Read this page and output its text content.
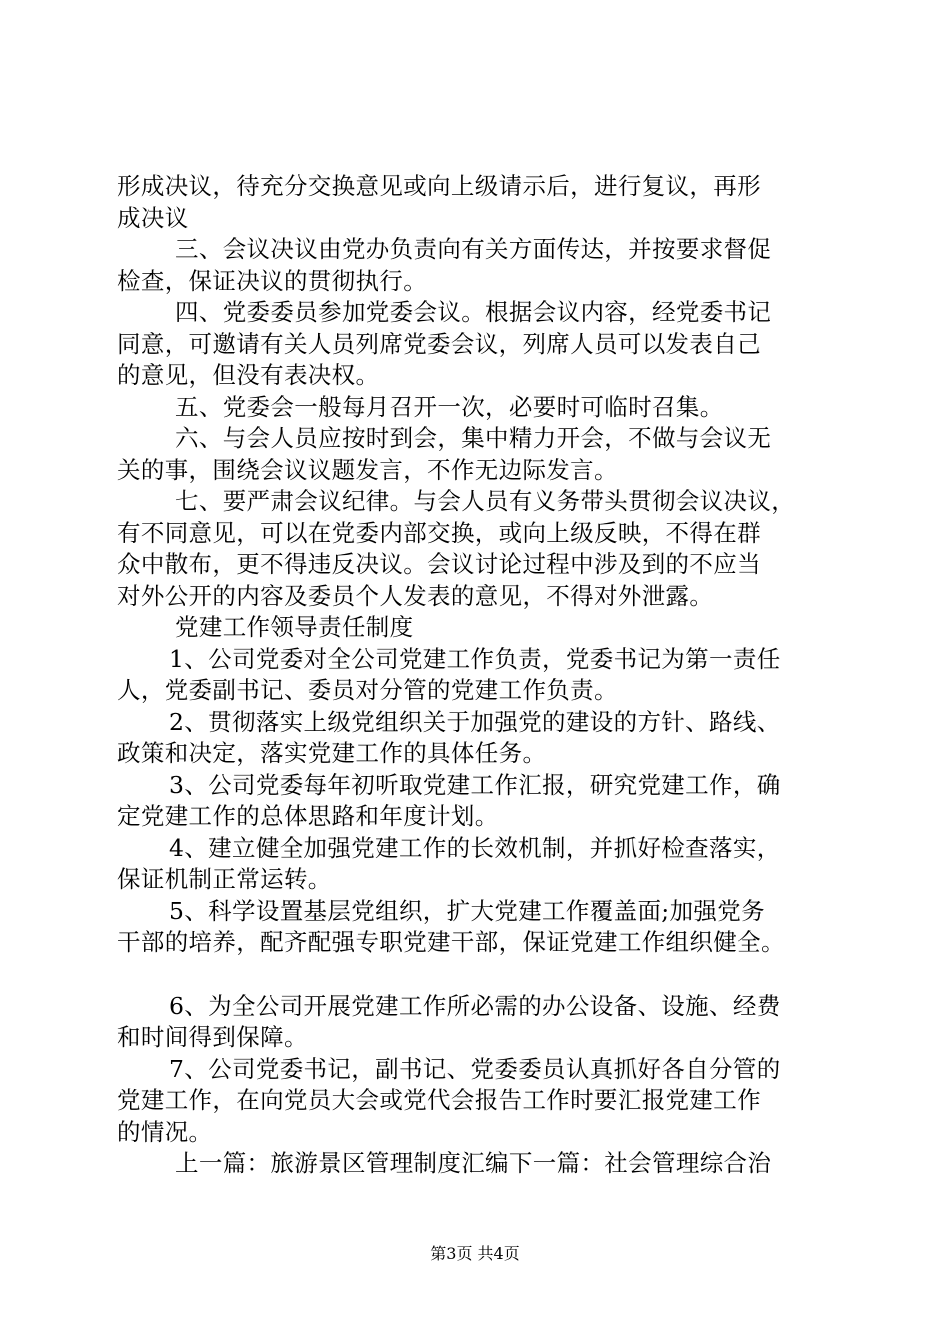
形成决议，待充分交换意见或向上级请示后，进行复议，再形
成决议
三、会议决议由党办负责向有关方面传达，并按要求督促
检查，保证决议的贯彻执行。
四、党委委员参加党委会议。根据会议内容，经党委书记
同意，可邀请有关人员列席党委会议，列席人员可以发表自己
的意见，但没有表决权。
五、党委会一般每月召开一次，必要时可临时召集。
六、与会人员应按时到会，集中精力开会，不做与会议无
关的事，围绕会议议题发言，不作无边际发言。
七、要严肃会议纪律。与会人员有义务带头贯彻会议决议，
有不同意见，可以在党委内部交换，或向上级反映，不得在群
众中散布，更不得违反决议。会议讨论过程中涉及到的不应当
对外公开的内容及委员个人发表的意见，不得对外泄露。
党建工作领导责任制度
1、公司党委对全公司党建工作负责，党委书记为第一责任
人，党委副书记、委员对分管的党建工作负责。
2、贯彻落实上级党组织关于加强党的建设的方针、路线、
政策和决定，落实党建工作的具体任务。
3、公司党委每年初听取党建工作汇报，研究党建工作，确
定党建工作的总体思路和年度计划。
4、建立健全加强党建工作的长效机制，并抓好检查落实，
保证机制正常运转。
5、科学设置基层党组织，扩大党建工作覆盖面;加强党务
干部的培养，配齐配强专职党建干部，保证党建工作组织健全。
6、为全公司开展党建工作所必需的办公设备、设施、经费
和时间得到保障。
7、公司党委书记，副书记、党委委员认真抓好各自分管的
党建工作，在向党员大会或党代会报告工作时要汇报党建工作
的情况。
上一篇：旅游景区管理制度汇编下一篇：社会管理综合治
第3页 共4页
